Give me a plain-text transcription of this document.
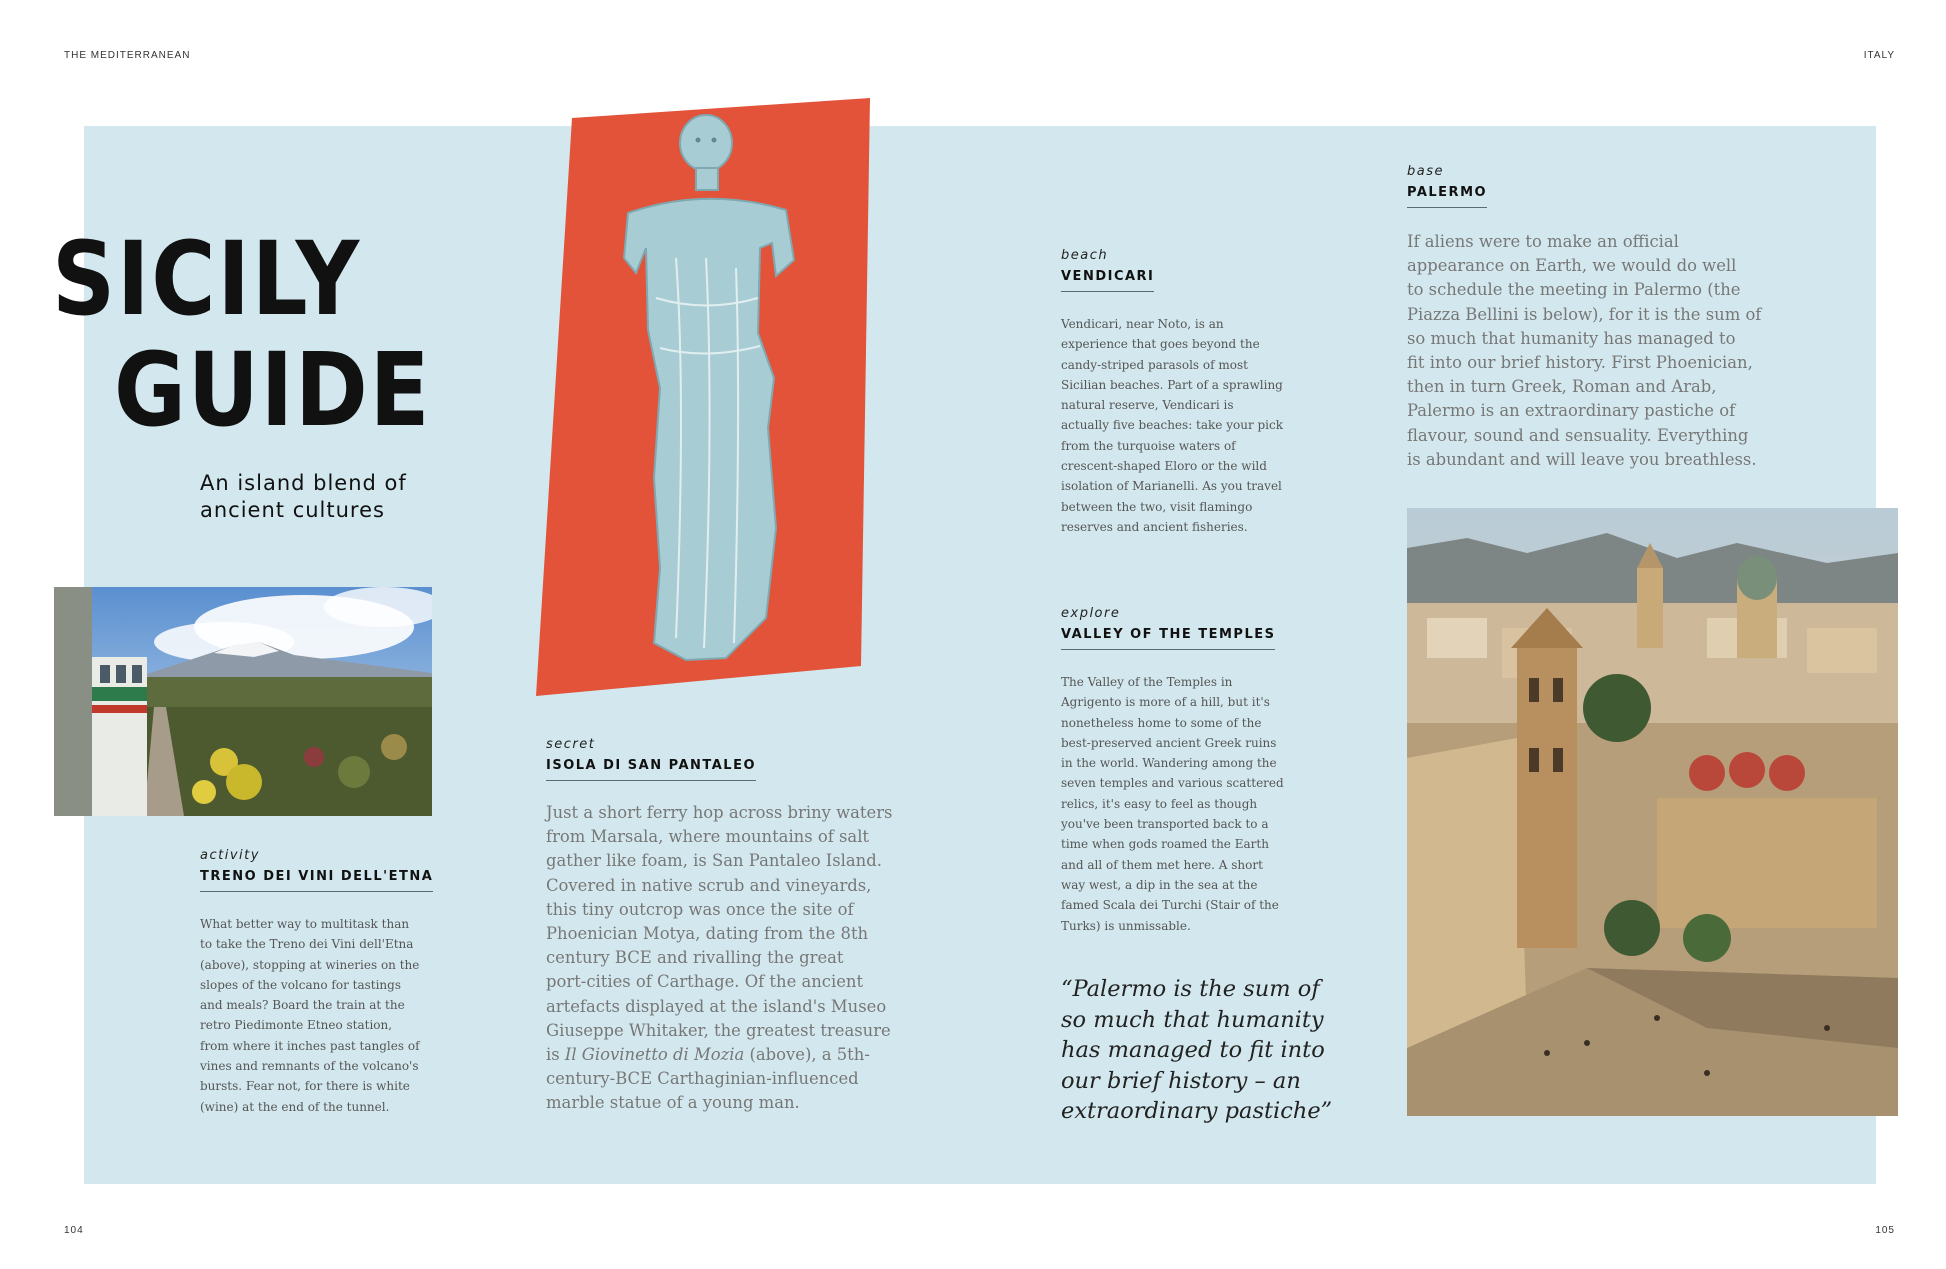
THE MEDITERRANEAN	ITALY
104	105
SICILY
GUIDE
An island blend of
ancient cultures
activity
TRENO DEI VINI DELL'ETNA
What better way to multitask than
to take the Treno dei Vini dell'Etna
(above), stopping at wineries on the
slopes of the volcano for tastings
and meals? Board the train at the
retro Piedimonte Etneo station,
from where it inches past tangles of
vines and remnants of the volcano's
bursts. Fear not, for there is white
(wine) at the end of the tunnel.
secret
ISOLA DI SAN PANTALEO
Just a short ferry hop across briny waters
from Marsala, where mountains of salt
gather like foam, is San Pantaleo Island.
Covered in native scrub and vineyards,
this tiny outcrop was once the site of
Phoenician Motya, dating from the 8th
century BCE and rivalling the great
port-cities of Carthage. Of the ancient
artefacts displayed at the island's Museo
Giuseppe Whitaker, the greatest treasure
is Il Giovinetto di Mozia (above), a 5th-
century-BCE Carthaginian-influenced
marble statue of a young man.
beach
VENDICARI
Vendicari, near Noto, is an
experience that goes beyond the
candy-striped parasols of most
Sicilian beaches. Part of a sprawling
natural reserve, Vendicari is
actually five beaches: take your pick
from the turquoise waters of
crescent-shaped Eloro or the wild
isolation of Marianelli. As you travel
between the two, visit flamingo
reserves and ancient fisheries.
explore
VALLEY OF THE TEMPLES
The Valley of the Temples in
Agrigento is more of a hill, but it's
nonetheless home to some of the
best-preserved ancient Greek ruins
in the world. Wandering among the
seven temples and various scattered
relics, it's easy to feel as though
you've been transported back to a
time when gods roamed the Earth
and all of them met here. A short
way west, a dip in the sea at the
famed Scala dei Turchi (Stair of the
Turks) is unmissable.
“Palermo is the sum of
so much that humanity
has managed to fit into
our brief history – an
extraordinary pastiche”
base
PALERMO
If aliens were to make an official
appearance on Earth, we would do well
to schedule the meeting in Palermo (the
Piazza Bellini is below), for it is the sum of
so much that humanity has managed to
fit into our brief history. First Phoenician,
then in turn Greek, Roman and Arab,
Palermo is an extraordinary pastiche of
flavour, sound and sensuality. Everything
is abundant and will leave you breathless.
